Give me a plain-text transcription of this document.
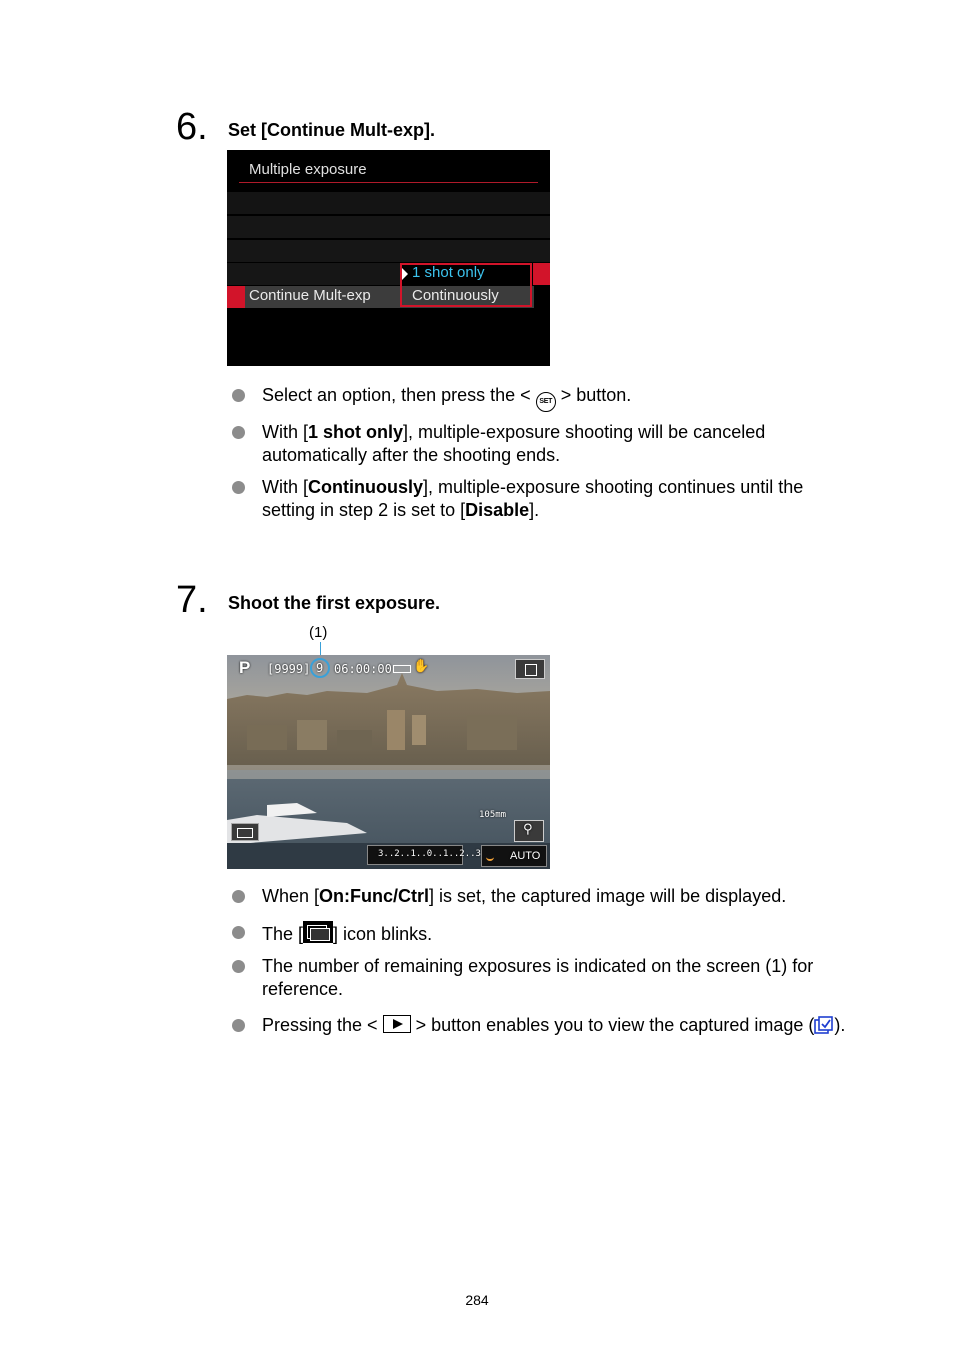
6. Set [Continue Mult-exp].
Multiple exposure
Continue Mult-exp
1 shot only
Continuously
Select an option, then press the < SET > button.
With [1 shot only], multiple-exposure shooting will be canceled automatically after the shooting ends.
With [Continuously], multiple-exposure shooting continues until the setting in step 2 is set to [Disable].
7. Shoot the first exposure.
(1)
P [9999] 9 06:00:00 ✋
105mm
⚲
3..2..1..0..1..2..3	AUTO
When [On:Func/Ctrl] is set, the captured image will be displayed.
The [ ] icon blinks.
The number of remaining exposures is indicated on the screen (1) for reference.
Pressing the < > button enables you to view the captured image ( ).
284
